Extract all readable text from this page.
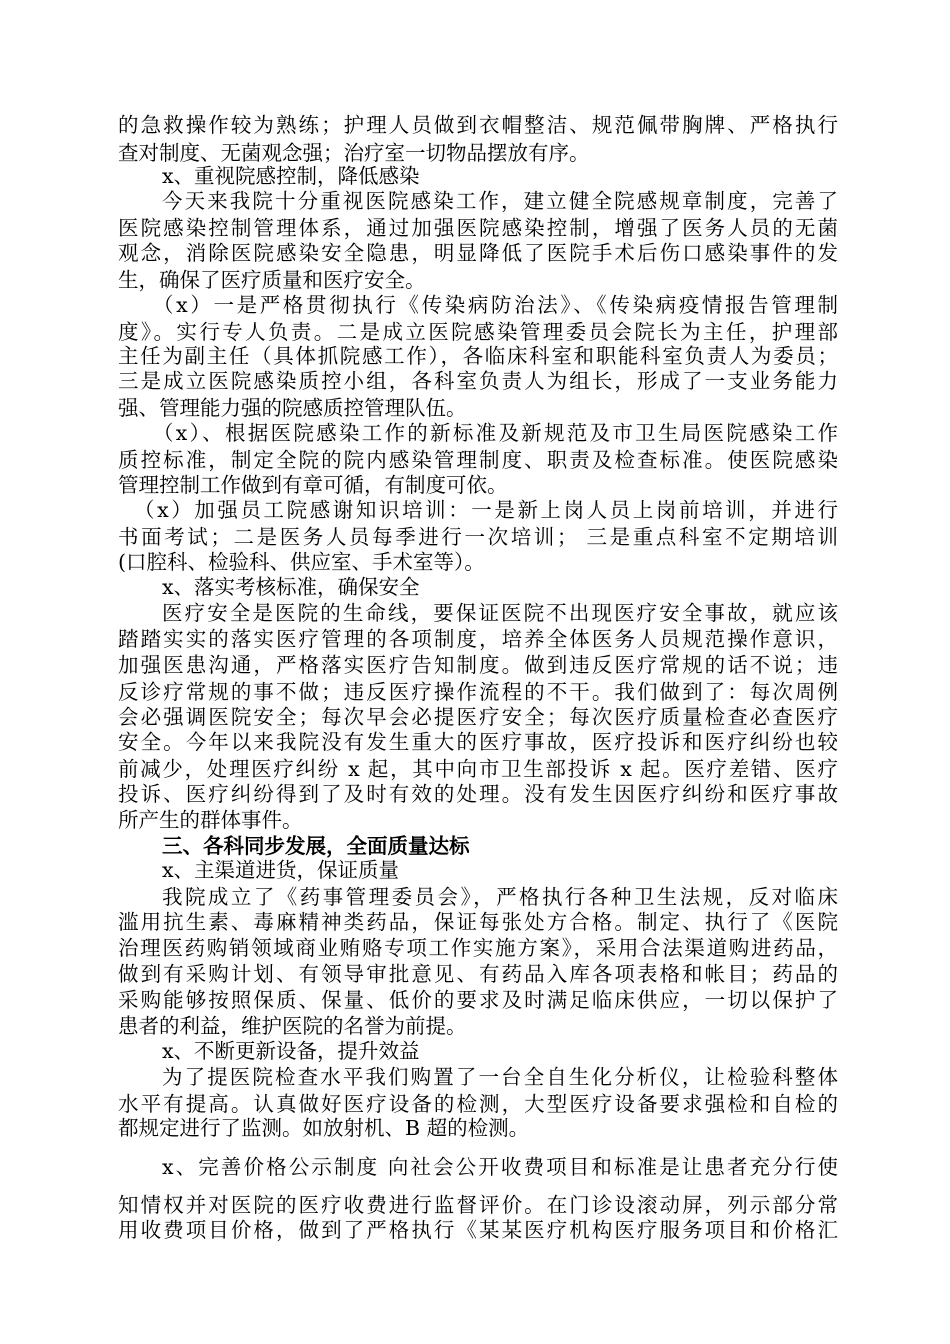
的急救操作较为熟练；护理人员做到衣帽整洁、规范佩带胸牌、严格执行
查对制度、无菌观念强；治疗室一切物品摆放有序。
x、重视院感控制，降低感染
今天来我院十分重视医院感染工作，建立健全院感规章制度，完善了
医院感染控制管理体系，通过加强医院感染控制，增强了医务人员的无菌
观念，消除医院感染安全隐患，明显降低了医院手术后伤口感染事件的发
生，确保了医疗质量和医疗安全。
（x）一是严格贯彻执行《传染病防治法》、《传染病疫情报告管理制
度》。实行专人负责。二是成立医院感染管理委员会院长为主任，护理部
主任为副主任（具体抓院感工作），各临床科室和职能科室负责人为委员；
三是成立医院感染质控小组，各科室负责人为组长，形成了一支业务能力
强、管理能力强的院感质控管理队伍。
（x）、根据医院感染工作的新标准及新规范及市卫生局医院感染工作
质控标准，制定全院的院内感染管理制度、职责及检查标准。使医院感染
管理控制工作做到有章可循，有制度可依。
（x）加强员工院感谢知识培训：一是新上岗人员上岗前培训，并进行
书面考试；二是医务人员每季进行一次培训； 三是重点科室不定期培训
(口腔科、检验科、供应室、手术室等）。
x、落实考核标准，确保安全
医疗安全是医院的生命线，要保证医院不出现医疗安全事故，就应该
踏踏实实的落实医疗管理的各项制度，培养全体医务人员规范操作意识，
加强医患沟通，严格落实医疗告知制度。做到违反医疗常规的话不说；违
反诊疗常规的事不做；违反医疗操作流程的不干。我们做到了：每次周例
会必强调医院安全；每次早会必提医疗安全；每次医疗质量检查必查医疗
安全。今年以来我院没有发生重大的医疗事故，医疗投诉和医疗纠纷也较
前减少，处理医疗纠纷 x 起，其中向市卫生部投诉 x 起。医疗差错、医疗
投诉、医疗纠纷得到了及时有效的处理。没有发生因医疗纠纷和医疗事故
所产生的群体事件。
三、各科同步发展，全面质量达标
x、主渠道进货，保证质量
我院成立了《药事管理委员会》，严格执行各种卫生法规，反对临床
滥用抗生素、毒麻精神类药品，保证每张处方合格。制定、执行了《医院
治理医药购销领域商业贿赂专项工作实施方案》，采用合法渠道购进药品，
做到有采购计划、有领导审批意见、有药品入库各项表格和帐目；药品的
采购能够按照保质、保量、低价的要求及时满足临床供应，一切以保护了
患者的利益，维护医院的名誉为前提。
x、不断更新设备，提升效益
为了提医院检查水平我们购置了一台全自生化分析仪，让检验科整体
水平有提高。认真做好医疗设备的检测，大型医疗设备要求强检和自检的
都规定进行了监测。如放射机、B 超的检测。
x、完善价格公示制度 向社会公开收费项目和标准是让患者充分行使
知情权并对医院的医疗收费进行监督评价。在门诊设滚动屏，列示部分常
用收费项目价格，做到了严格执行《某某医疗机构医疗服务项目和价格汇
